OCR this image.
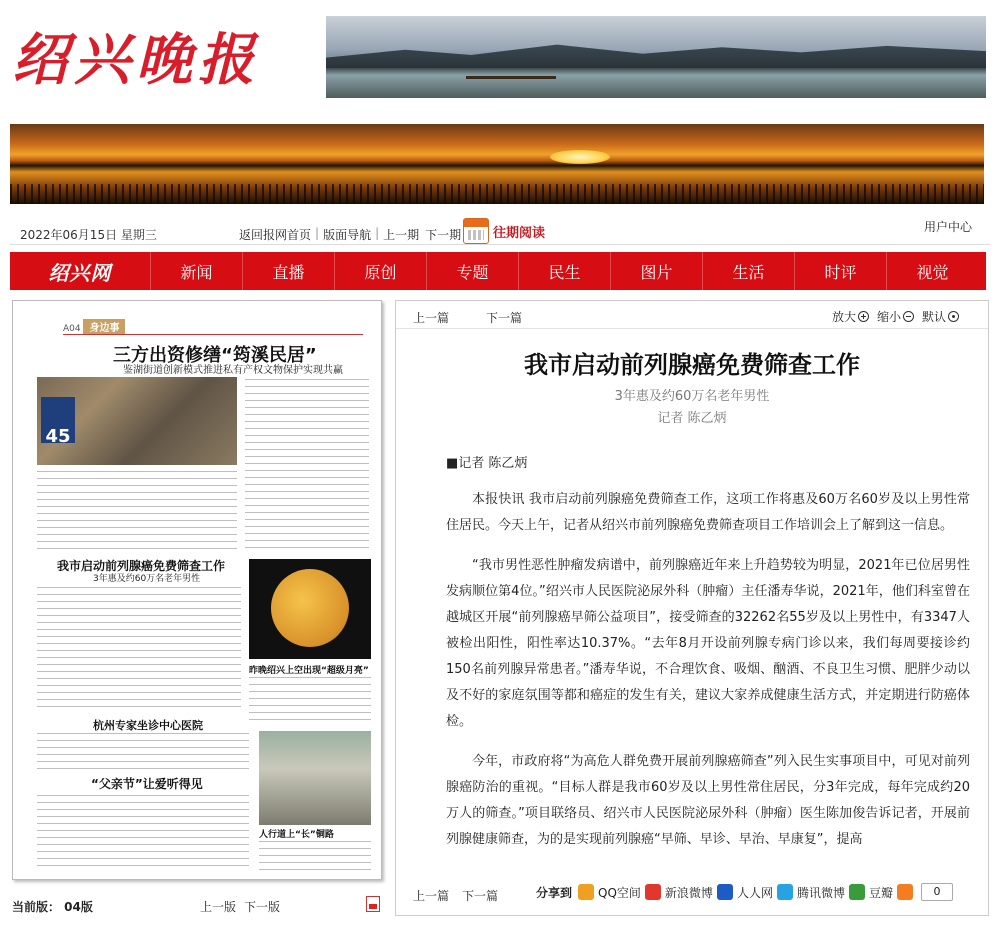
绍兴晚报
2022年06月15日 星期三	返回报网首页 | 版面导航 | 上一期 下一期 往期阅读	用户中心
绍兴网	新闻	直播	原创	专题	民生	图片	生活	时评	视觉
A04 身边事
三方出资修缮“筠溪民居”
鉴湖街道创新模式推进私有产权文物保护实现共赢
45
我市启动前列腺癌免费筛查工作
3年惠及约60万名老年男性
昨晚绍兴上空出现“超级月亮”
杭州专家坐诊中心医院
“父亲节”让爱听得见
人行道上“长”铜路
当前版： 04版	上一版 下一版
上一篇	下一篇	放大 缩小 默认
我市启动前列腺癌免费筛查工作
3年惠及约60万名老年男性
记者 陈乙炳

■记者 陈乙炳

本报快讯 我市启动前列腺癌免费筛查工作，这项工作将惠及60万名60岁及以上男性常住居民。今天上午，记者从绍兴市前列腺癌免费筛查项目工作培训会上了解到这一信息。

“我市男性恶性肿瘤发病谱中，前列腺癌近年来上升趋势较为明显，2021年已位居男性发病顺位第4位。”绍兴市人民医院泌尿外科（肿瘤）主任潘寿华说，2021年，他们科室曾在越城区开展“前列腺癌早筛公益项目”，接受筛查的32262名55岁及以上男性中，有3347人被检出阳性，阳性率达10.37%。“去年8月开设前列腺专病门诊以来，我们每周要接诊约150名前列腺异常患者。”潘寿华说，不合理饮食、吸烟、酗酒、不良卫生习惯、肥胖少动以及不好的家庭氛围等都和癌症的发生有关，建议大家养成健康生活方式，并定期进行防癌体检。

今年，市政府将“为高危人群免费开展前列腺癌筛查”列入民生实事项目中，可见对前列腺癌防治的重视。“目标人群是我市60岁及以上男性常住居民，分3年完成，每年完成约20万人的筛查。”项目联络员、绍兴市人民医院泌尿外科（肿瘤）医生陈加俊告诉记者，开展前列腺健康筛查，为的是实现前列腺癌“早筛、早诊、早治、早康复”，提高

上一篇 下一篇	分享到 QQ空间 新浪微博 人人网 腾讯微博 豆瓣	0
